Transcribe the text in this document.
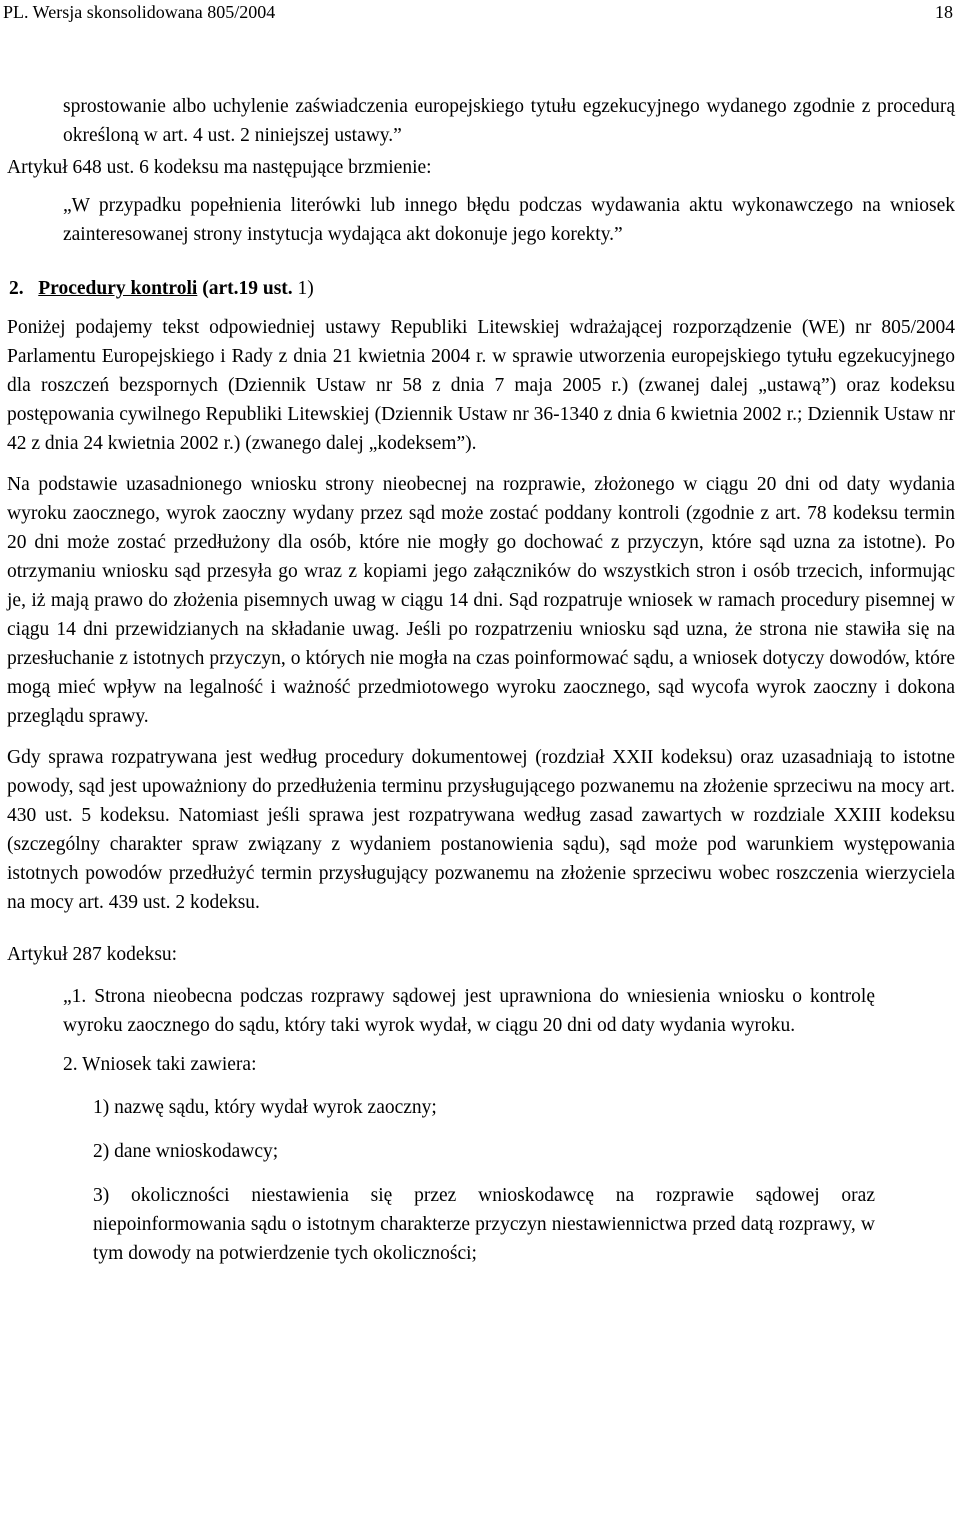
PL. Wersja skonsolidowana 805/2004	18

sprostowanie albo uchylenie zaświadczenia europejskiego tytułu egzekucyjnego wydanego zgodnie z procedurą określoną w art. 4 ust. 2 niniejszej ustawy.”

Artykuł 648 ust. 6 kodeksu ma następujące brzmienie:

„W przypadku popełnienia literówki lub innego błędu podczas wydawania aktu wykonawczego na wniosek zainteresowanej strony instytucja wydająca akt dokonuje jego korekty.”

2. Procedury kontroli (art.19 ust. 1)

Poniżej podajemy tekst odpowiedniej ustawy Republiki Litewskiej wdrażającej rozporządzenie (WE) nr 805/2004 Parlamentu Europejskiego i Rady z dnia 21 kwietnia 2004 r. w sprawie utworzenia europejskiego tytułu egzekucyjnego dla roszczeń bezspornych (Dziennik Ustaw nr 58 z dnia 7 maja 2005 r.) (zwanej dalej „ustawą”) oraz kodeksu postępowania cywilnego Republiki Litewskiej (Dziennik Ustaw nr 36-1340 z dnia 6 kwietnia 2002 r.; Dziennik Ustaw nr 42 z dnia 24 kwietnia 2002 r.) (zwanego dalej „kodeksem”).

Na podstawie uzasadnionego wniosku strony nieobecnej na rozprawie, złożonego w ciągu 20 dni od daty wydania wyroku zaocznego, wyrok zaoczny wydany przez sąd może zostać poddany kontroli (zgodnie z art. 78 kodeksu termin 20 dni może zostać przedłużony dla osób, które nie mogły go dochować z przyczyn, które sąd uzna za istotne). Po otrzymaniu wniosku sąd przesyła go wraz z kopiami jego załączników do wszystkich stron i osób trzecich, informując je, iż mają prawo do złożenia pisemnych uwag w ciągu 14 dni. Sąd rozpatruje wniosek w ramach procedury pisemnej w ciągu 14 dni przewidzianych na składanie uwag. Jeśli po rozpatrzeniu wniosku sąd uzna, że strona nie stawiła się na przesłuchanie z istotnych przyczyn, o których nie mogła na czas poinformować sądu, a wniosek dotyczy dowodów, które mogą mieć wpływ na legalność i ważność przedmiotowego wyroku zaocznego, sąd wycofa wyrok zaoczny i dokona przeglądu sprawy.

Gdy sprawa rozpatrywana jest według procedury dokumentowej (rozdział XXII kodeksu) oraz uzasadniają to istotne powody, sąd jest upoważniony do przedłużenia terminu przysługującego pozwanemu na złożenie sprzeciwu na mocy art. 430 ust. 5 kodeksu. Natomiast jeśli sprawa jest rozpatrywana według zasad zawartych w rozdziale XXIII kodeksu (szczególny charakter spraw związany z wydaniem postanowienia sądu), sąd może pod warunkiem występowania istotnych powodów przedłużyć termin przysługujący pozwanemu na złożenie sprzeciwu wobec roszczenia wierzyciela na mocy art. 439 ust. 2 kodeksu.

Artykuł 287 kodeksu:

„1. Strona nieobecna podczas rozprawy sądowej jest uprawniona do wniesienia wniosku o kontrolę wyroku zaocznego do sądu, który taki wyrok wydał, w ciągu 20 dni od daty wydania wyroku.

2. Wniosek taki zawiera:

1) nazwę sądu, który wydał wyrok zaoczny;

2) dane wnioskodawcy;

3) okoliczności niestawienia się przez wnioskodawcę na rozprawie sądowej oraz niepoinformowania sądu o istotnym charakterze przyczyn niestawiennictwa przed datą rozprawy, w tym dowody na potwierdzenie tych okoliczności;
